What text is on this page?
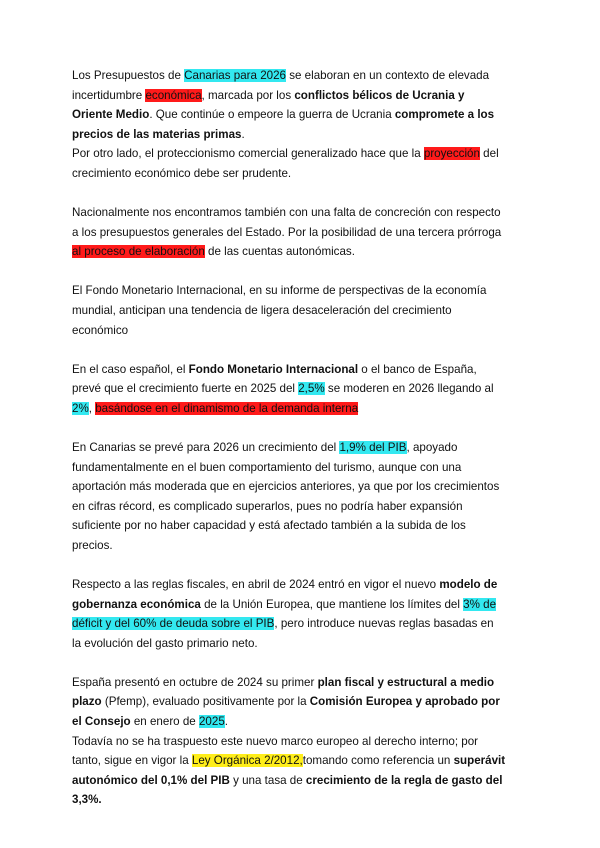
Los Presupuestos de Canarias para 2026 se elaboran en un contexto de elevada
incertidumbre económica, marcada por los conflictos bélicos de Ucrania y
Oriente Medio. Que continúe o empeore la guerra de Ucrania compromete a los
precios de las materias primas.
Por otro lado, el proteccionismo comercial generalizado hace que la proyección del
crecimiento económico debe ser prudente.

Nacionalmente nos encontramos también con una falta de concreción con respecto
a los presupuestos generales del Estado. Por la posibilidad de una tercera prórroga
al proceso de elaboración de las cuentas autonómicas.

El Fondo Monetario Internacional, en su informe de perspectivas de la economía
mundial, anticipan una tendencia de ligera desaceleración del crecimiento
económico

En el caso español, el Fondo Monetario Internacional o el banco de España,
prevé que el crecimiento fuerte en 2025 del 2,5% se moderen en 2026 llegando al
2%, basándose en el dinamismo de la demanda interna

En Canarias se prevé para 2026 un crecimiento del 1,9% del PIB, apoyado
fundamentalmente en el buen comportamiento del turismo, aunque con una
aportación más moderada que en ejercicios anteriores, ya que por los crecimientos
en cifras récord, es complicado superarlos, pues no podría haber expansión
suficiente por no haber capacidad y está afectado también a la subida de los
precios.

Respecto a las reglas fiscales, en abril de 2024 entró en vigor el nuevo modelo de
gobernanza económica de la Unión Europea, que mantiene los límites del 3% de
déficit y del 60% de deuda sobre el PIB, pero introduce nuevas reglas basadas en
la evolución del gasto primario neto.

España presentó en octubre de 2024 su primer plan fiscal y estructural a medio
plazo (Pfemp), evaluado positivamente por la Comisión Europea y aprobado por
el Consejo en enero de 2025.
Todavía no se ha traspuesto este nuevo marco europeo al derecho interno; por
tanto, sigue en vigor la Ley Orgánica 2/2012,tomando como referencia un superávit
autonómico del 0,1% del PIB y una tasa de crecimiento de la regla de gasto del
3,3%.
